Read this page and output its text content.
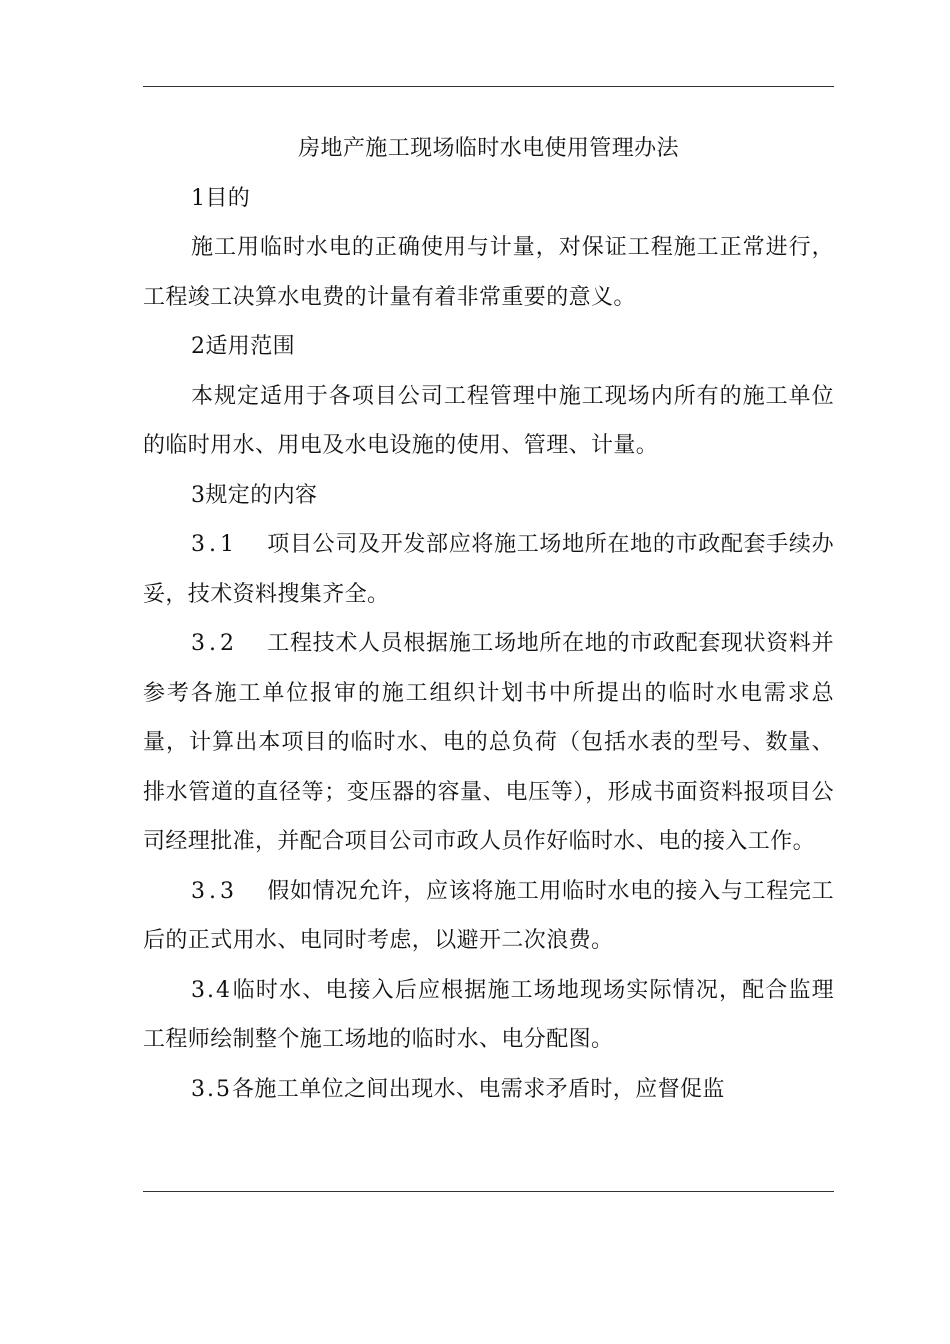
房地产施工现场临时水电使用管理办法

1目的

施工用临时水电的正确使用与计量，对保证工程施工正常进行，工程竣工决算水电费的计量有着非常重要的意义。

2适用范围

本规定适用于各项目公司工程管理中施工现场内所有的施工单位的临时用水、用电及水电设施的使用、管理、计量。

3规定的内容

3.1 项目公司及开发部应将施工场地所在地的市政配套手续办妥，技术资料搜集齐全。

3.2 工程技术人员根据施工场地所在地的市政配套现状资料并参考各施工单位报审的施工组织计划书中所提出的临时水电需求总量，计算出本项目的临时水、电的总负荷（包括水表的型号、数量、排水管道的直径等；变压器的容量、电压等），形成书面资料报项目公司经理批准，并配合项目公司市政人员作好临时水、电的接入工作。

3.3 假如情况允许，应该将施工用临时水电的接入与工程完工后的正式用水、电同时考虑，以避开二次浪费。

3.4临时水、电接入后应根据施工场地现场实际情况，配合监理工程师绘制整个施工场地的临时水、电分配图。

3.5各施工单位之间出现水、电需求矛盾时，应督促监
